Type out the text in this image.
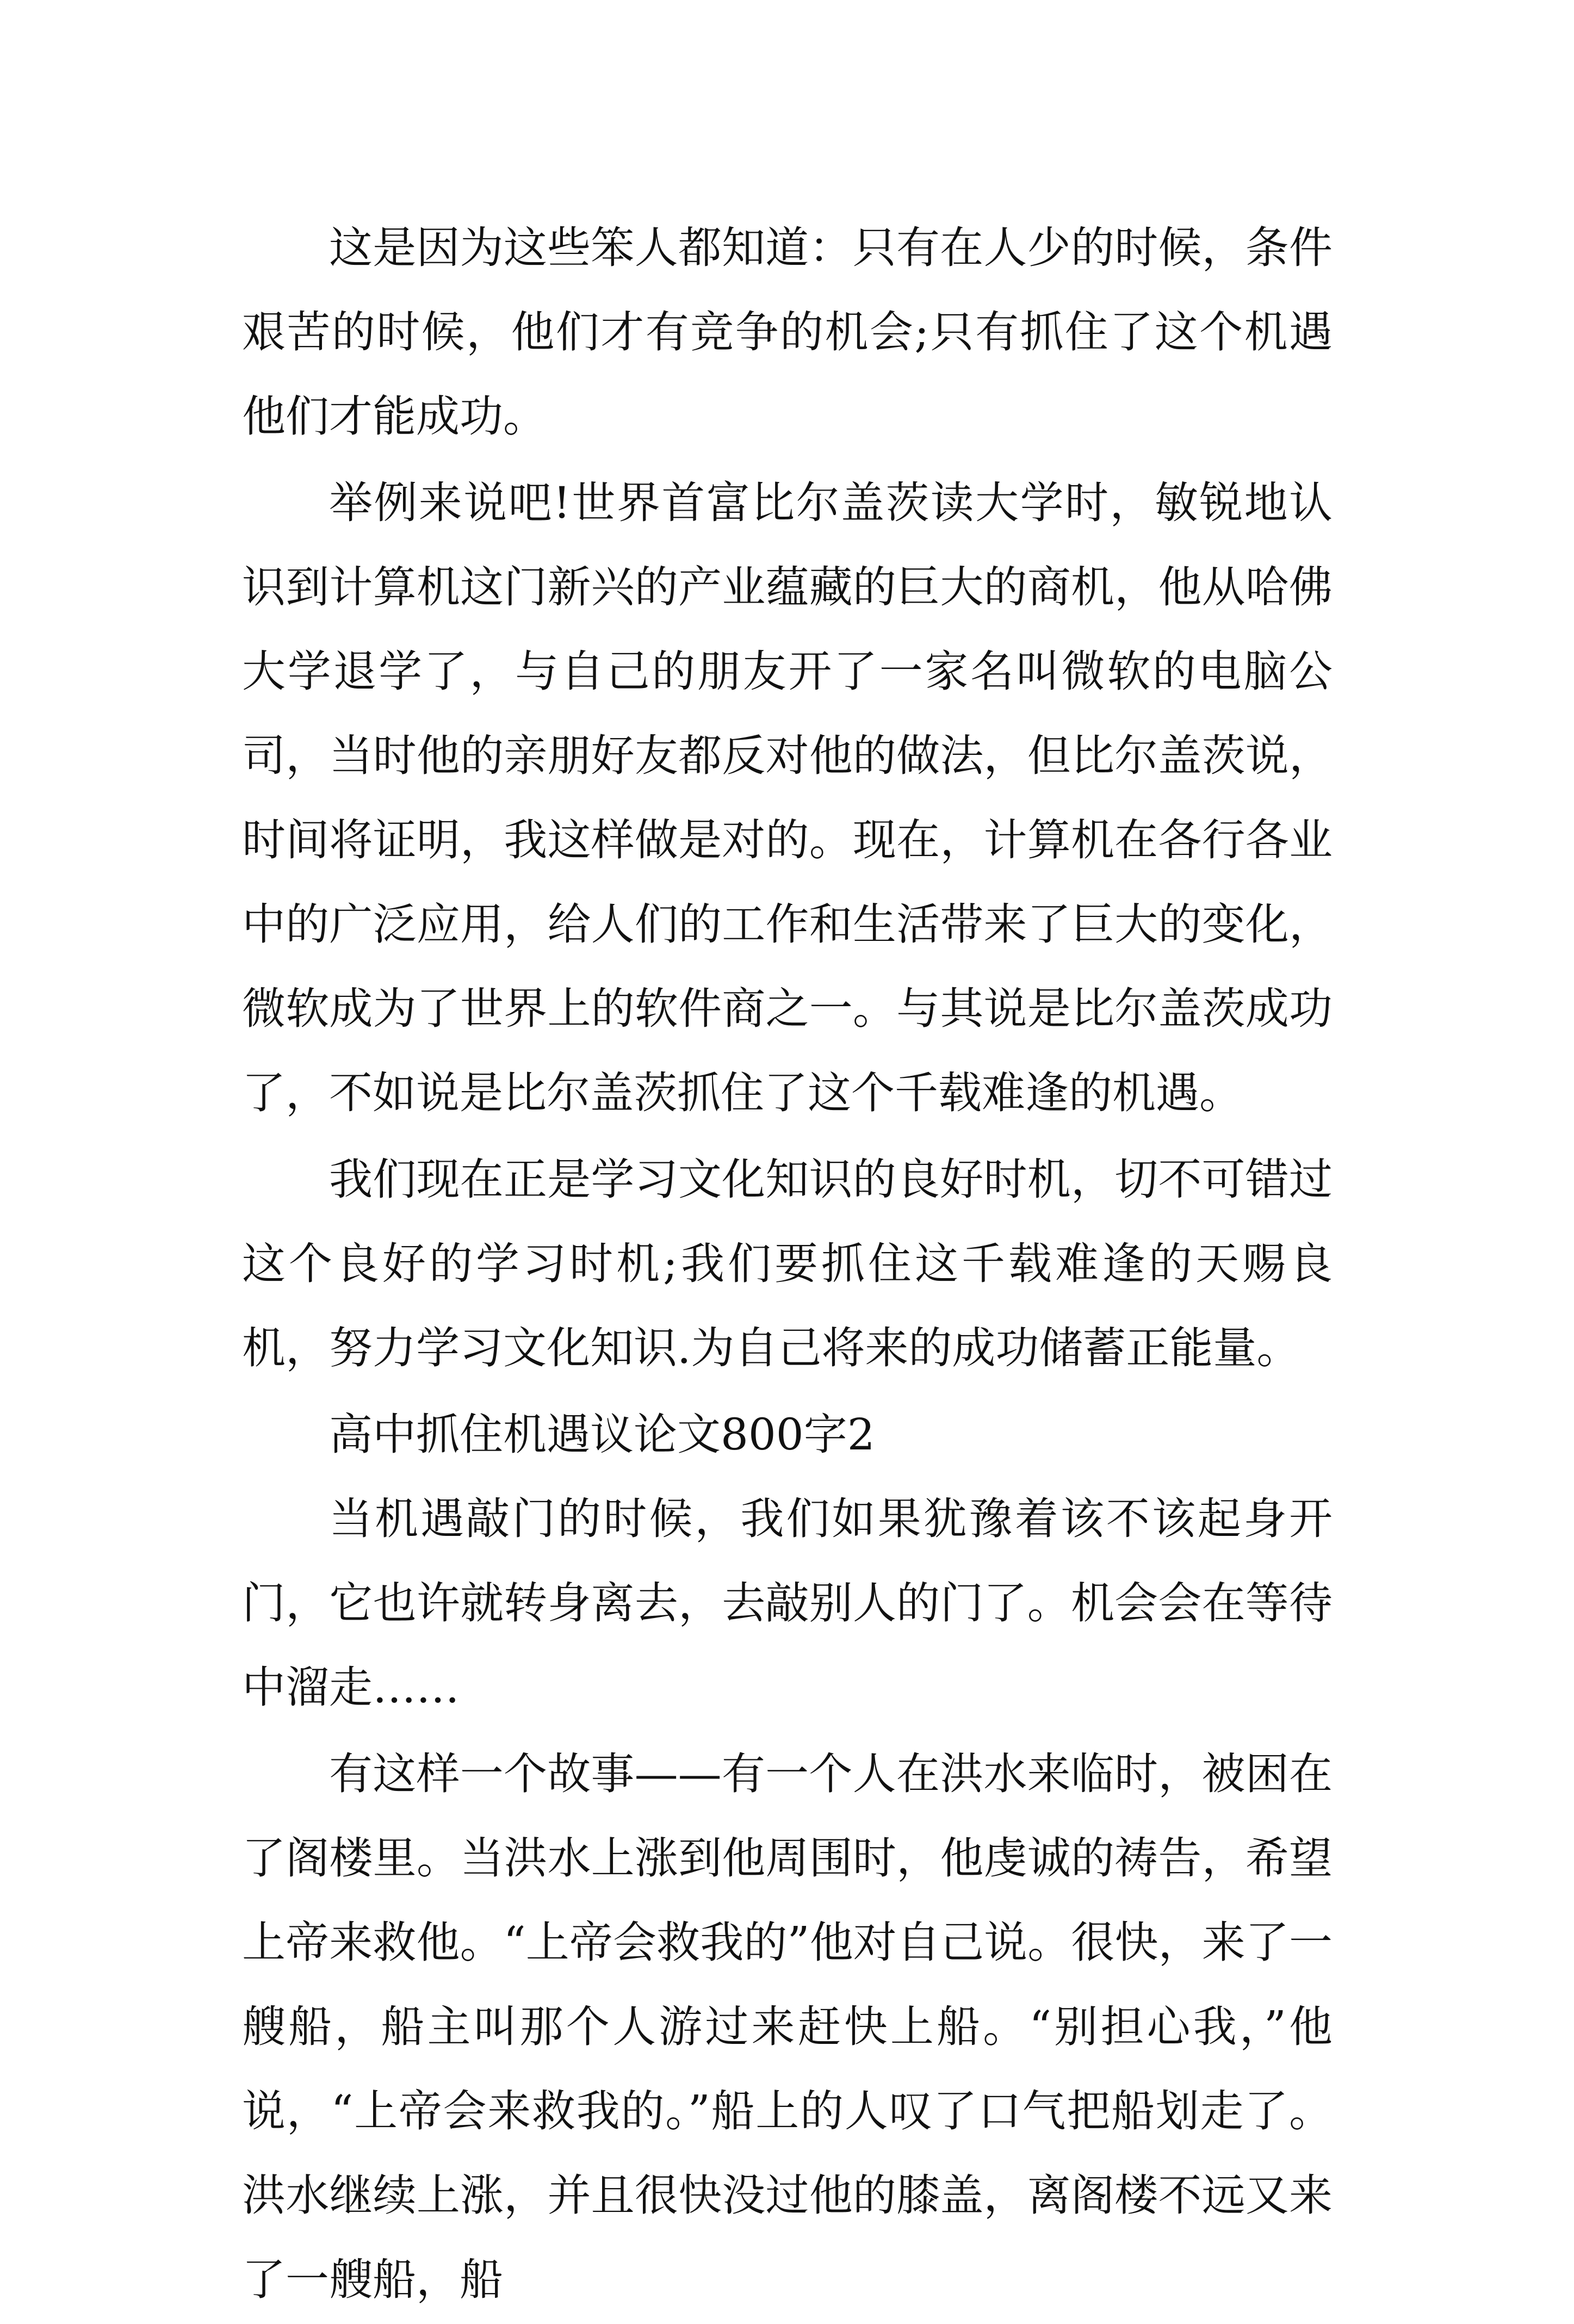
这是因为这些笨人都知道：只有在人少的时候，条件艰苦的时候，他们才有竞争的机会;只有抓住了这个机遇他们才能成功。

举例来说吧!世界首富比尔盖茨读大学时，敏锐地认识到计算机这门新兴的产业蕴藏的巨大的商机，他从哈佛大学退学了，与自己的朋友开了一家名叫微软的电脑公司，当时他的亲朋好友都反对他的做法，但比尔盖茨说，时间将证明，我这样做是对的。现在，计算机在各行各业中的广泛应用，给人们的工作和生活带来了巨大的变化，微软成为了世界上的软件商之一。与其说是比尔盖茨成功了，不如说是比尔盖茨抓住了这个千载难逢的机遇。

我们现在正是学习文化知识的良好时机，切不可错过这个良好的学习时机;我们要抓住这千载难逢的天赐良机，努力学习文化知识.为自己将来的成功储蓄正能量。

高中抓住机遇议论文800字2

当机遇敲门的时候，我们如果犹豫着该不该起身开门，它也许就转身离去，去敲别人的门了。机会会在等待中溜走……

有这样一个故事——有一个人在洪水来临时，被困在了阁楼里。当洪水上涨到他周围时，他虔诚的祷告，希望上帝来救他。“上帝会救我的”他对自己说。很快，来了一艘船，船主叫那个人游过来赶快上船。“别担心我，”他说，“上帝会来救我的。”船上的人叹了口气把船划走了。洪水继续上涨，并且很快没过他的膝盖，离阁楼不远又来了一艘船，船
